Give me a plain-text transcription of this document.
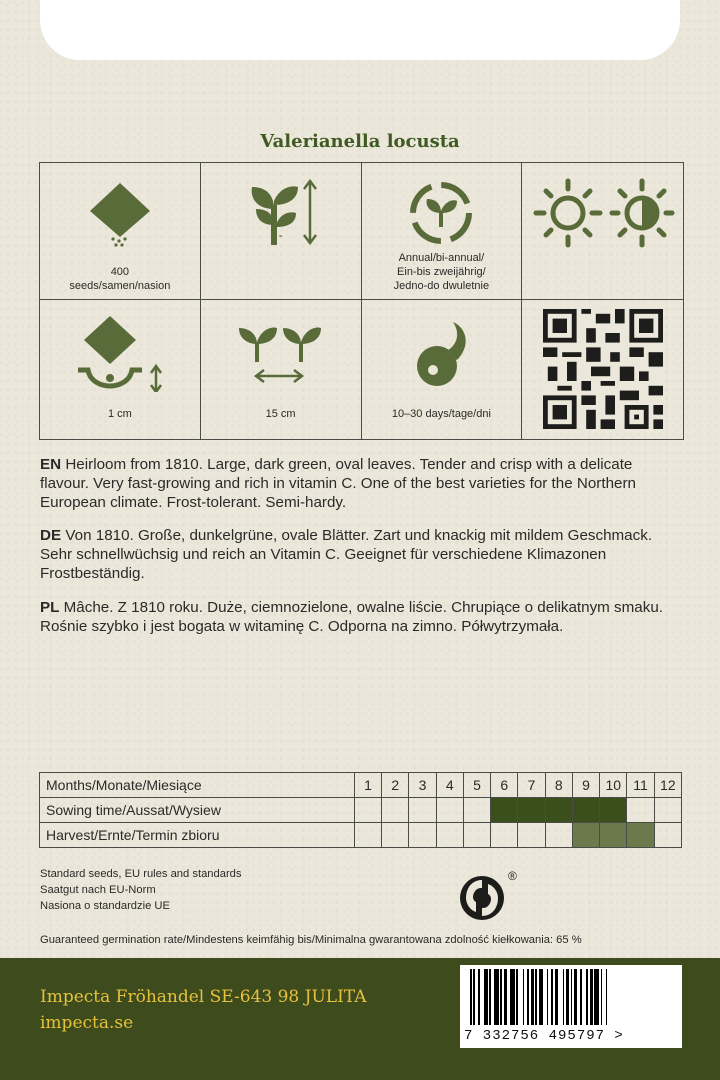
Valerianella locusta
400
seeds/samen/nasion
-
Annual/bi-annual/
Ein-bis zweijährig/
Jedno-do dwuletnie
1 cm	15 cm	10–30 days/tage/dni
EN Heirloom from 1810. Large, dark green, oval leaves. Tender and crisp with a delicate flavour. Very fast-growing and rich in vitamin C. One of the best varieties for the Northern European climate. Frost-tolerant. Semi-hardy.
DE Von 1810. Große, dunkelgrüne, ovale Blätter. Zart und knackig mit mildem Geschmack. Sehr schnellwüchsig und reich an Vitamin C. Geeignet für verschiedene Klimazonen Frostbeständig.
PL Mâche. Z 1810 roku. Duże, ciemnozielone, owalne liście. Chrupiące o delikatnym smaku. Rośnie szybko i jest bogata w witaminę C. Odporna na zimno. Półwytrzymała.
Months/Monate/Miesiące	1	2	3	4	5	6	7	8	9	10	11	12
Sowing time/Aussat/Wysiew												
Harvest/Ernte/Termin zbioru												
Standard seeds, EU rules and standards
Saatgut nach EU-Norm
Nasiona o standardzie UE
®
Guaranteed germination rate/Mindestens keimfähig bis/Minimalna gwarantowana zdolność kiełkowania: 65 %
Impecta Fröhandel SE-643 98 JULITA
impecta.se
7 332756 495797 >
